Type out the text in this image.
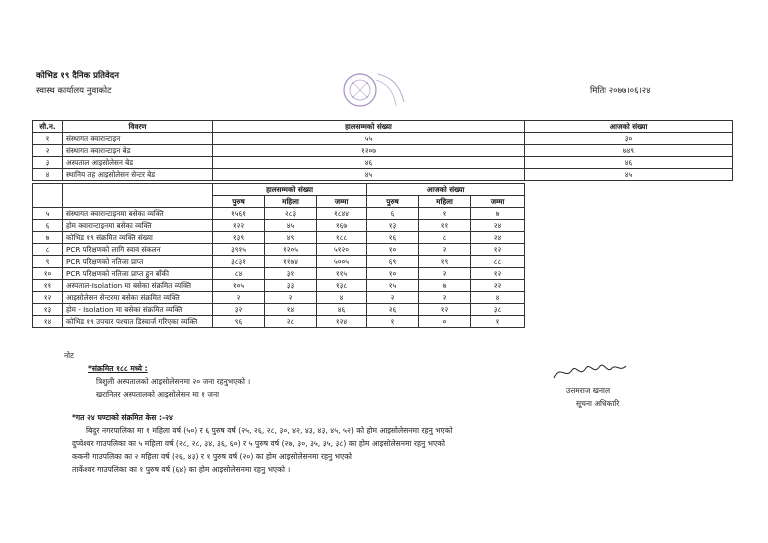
कोभिड १९ दैनिक प्रतिवेदन
स्वास्थ कार्यालय नुवाकोट	मितिः २०७७।०६।२४
सी.न.	विवरण	हालसम्मको संख्या	आजको संख्या
१	संस्थागत क्वारान्टाइन	५५	३०
२	संस्थागत क्वारान्टाइन बेड	१२०७	७४९
३	अस्पताल आइसोलेसन बेड	४६	४६
४	स्थानिय तह आइसोलेसन सेन्टर बेड	४५	४५
		हालसम्मको संख्या			आजको संख्या			
		पुरुष	महिला	जम्मा	पुरुष	महिला	जम्मा	
५	संस्थागत क्वारान्टाइनमा बसेका व्यक्ति	१५६१	२८३	१८४४	६	१	७	
६	होम क्वारान्टाइनमा बसेका व्यक्ति	१२२	४५	१६७	१३	११	२४	
७	कोभिड १९ संक्रमित व्यक्ति संख्या	१३९	४९	१८८	१६	८	२४	
८	PCR परिक्षणको लागि स्वाव संकलन	३९१५	१२०५	५१२०	१०	२	१२	
९	PCR परिक्षणको नतिजा प्राप्त	३८३१	११७४	५००५	६९	१९	८८	
१०	PCR परिक्षणको नतिजा प्राप्त हुन बाँकी	८४	३१	११५	१०	२	१२	
११	अस्पताल-Isolation मा बसेका संक्रमित व्यक्ति	१०५	३३	१३८	१५	७	२२	
१२	आइसोलेसन सेन्टरमा बसेका संक्रमित व्यक्ति	२	२	४	२	२	४	
१३	होम - Isolation मा बसेका संक्रमित व्यक्ति	३२	१४	४६	२६	१२	३८	
१४	कोभिड १९ उपचार पश्चात डिस्चार्ज गरिएका व्यक्ति	९६	२८	१२४	१	०	१	
नोट
*संक्रमित १८८ मध्ये :
त्रिशुली अस्पतालको आइसोलेसनमा २० जना रहनुभएको ।
खरानितर अस्पतालको आइसोलेसन मा १ जना	उत्तमराज खनाल
सूचना अधिकारि
*गत २४ घण्टाको संक्रमित केस :-२४
बिदुर नगरपालिका मा १ महिला वर्ष (५०) र ६ पुरुष वर्ष (२५, २६, २८, ३०, ४२, ४३, ४३, ४५, ५२) को होम आइसोलेसनमा रहनु भएको
दुप्चेश्वर गाउपलिका का ५ महिला वर्ष (२८, २८, ३४, ३६, ६०) र ५ पुरुष वर्ष (२७, ३०, ३५, ३५, ३८) का होम आइसोलेसनमा रहनु भएको
ककनी गाउपलिका का २ महिला वर्ष (२६, ४३) र १ पुरुष वर्ष (२०) का होम आइसोलेसनमा रहनु भएको
तार्केश्वर गाउपलिका का १ पुरुष वर्ष (६४) का होम आइसोलेसनमा रहनु भएको ।
